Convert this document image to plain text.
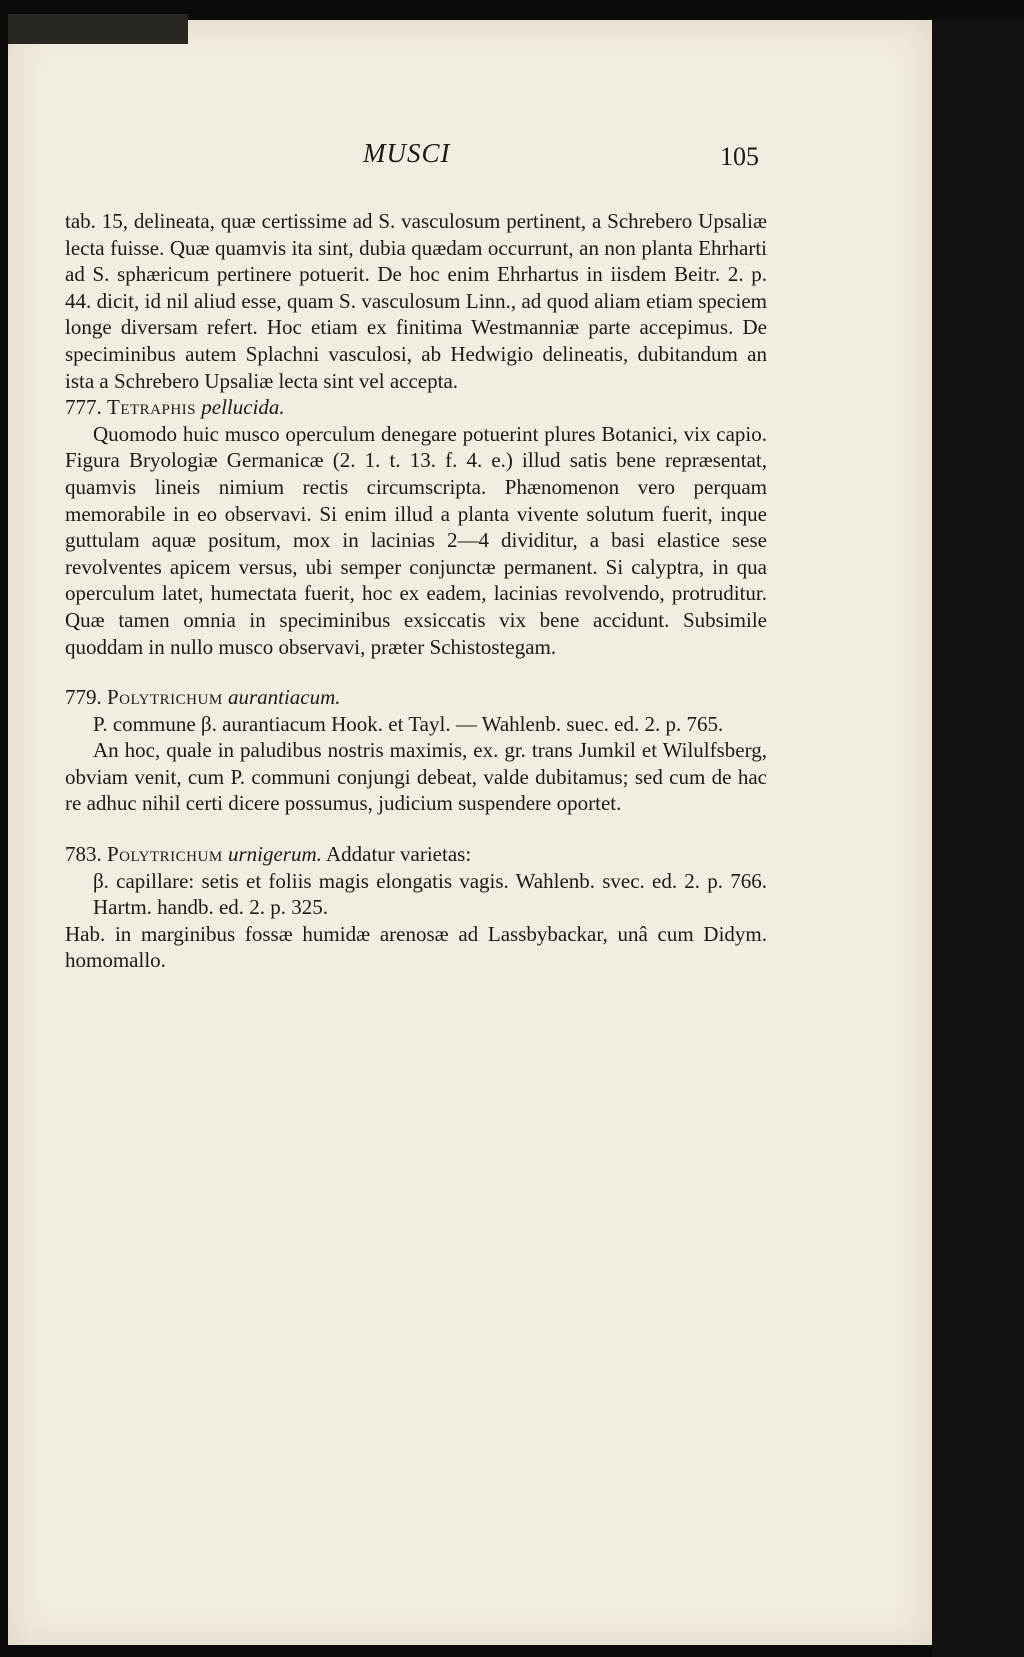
MUSCI	105

tab. 15, delineata, quæ certissime ad S. vasculosum pertinent, a Schrebero Upsaliæ lecta fuisse. Quæ quamvis ita sint, dubia quædam occurrunt, an non planta Ehrharti ad S. sphæricum pertinere potuerit. De hoc enim Ehrhartus in iisdem Beitr. 2. p. 44. dicit, id nil aliud esse, quam S. vasculosum Linn., ad quod aliam etiam speciem longe diversam refert. Hoc etiam ex finitima Westmanniæ parte accepimus. De speciminibus autem Splachni vasculosi, ab Hedwigio delineatis, dubitandum an ista a Schrebero Upsaliæ lecta sint vel accepta.

777. Tetraphis pellucida.

Quomodo huic musco operculum denegare potuerint plures Botanici, vix capio. Figura Bryologiæ Germanicæ (2. 1. t. 13. f. 4. e.) illud satis bene repræsentat, quamvis lineis nimium rectis circumscripta. Phænomenon vero perquam memorabile in eo observavi. Si enim illud a planta vivente solutum fuerit, inque guttulam aquæ positum, mox in lacinias 2—4 dividitur, a basi elastice sese revolventes apicem versus, ubi semper conjunctæ permanent. Si calyptra, in qua operculum latet, humectata fuerit, hoc ex eadem, lacinias revolvendo, protruditur. Quæ tamen omnia in speciminibus exsiccatis vix bene accidunt. Subsimile quoddam in nullo musco observavi, præter Schistostegam.

779. Polytrichum aurantiacum.

P. commune β. aurantiacum Hook. et Tayl. — Wahlenb. suec. ed. 2. p. 765.

An hoc, quale in paludibus nostris maximis, ex. gr. trans Jumkil et Wilulfsberg, obviam venit, cum P. communi conjungi debeat, valde dubitamus; sed cum de hac re adhuc nihil certi dicere possumus, judicium suspendere oportet.

783. Polytrichum urnigerum. Addatur varietas:

β. capillare: setis et foliis magis elongatis vagis. Wahlenb. svec. ed. 2. p. 766. Hartm. handb. ed. 2. p. 325.

Hab. in marginibus fossæ humidæ arenosæ ad Lassbybackar, unâ cum Didym. homomallo.
